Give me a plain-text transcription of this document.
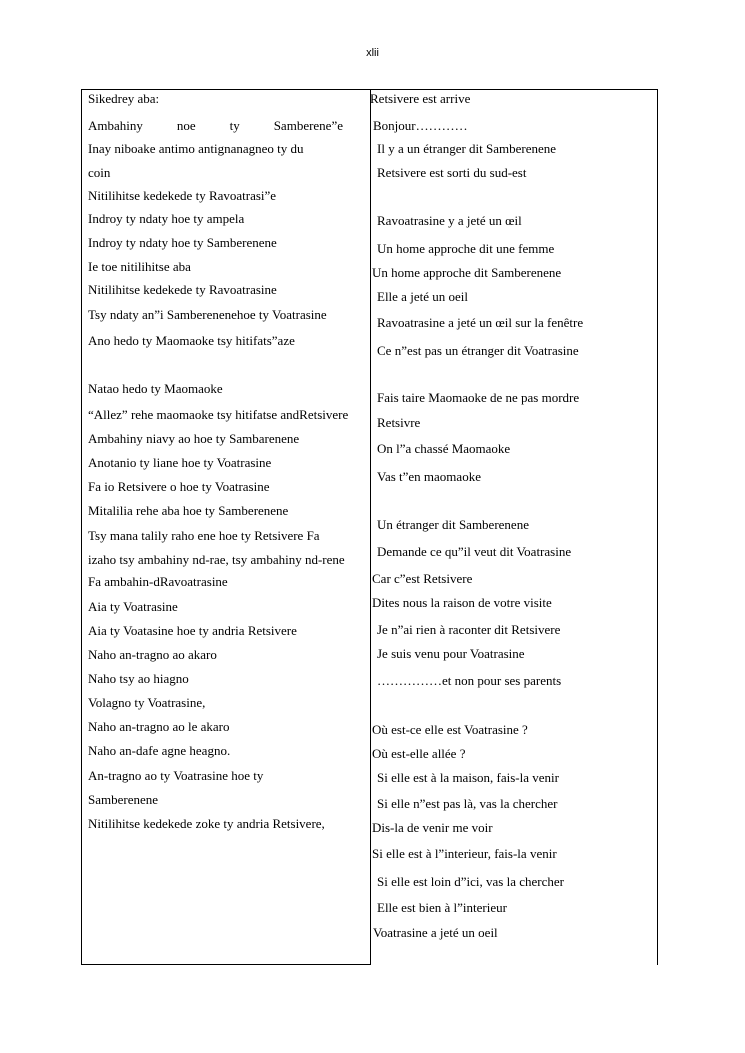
xlii
Sikedrey aba:
Ambahiny noe ty Samberene”e
Inay niboake antimo antignanagneo ty du
coin
Nitilihitse kedekede ty Ravoatrasi”e
Indroy ty ndaty hoe ty ampela
Indroy ty ndaty hoe ty Samberenene
Ie toe nitilihitse aba
Nitilihitse kedekede ty Ravoatrasine
Tsy ndaty an”i Samberenenehoe ty Voatrasine
Ano hedo ty Maomaoke tsy hitifats”aze
Natao hedo ty Maomaoke
“Allez” rehe maomaoke tsy hitifatse andRetsivere
Ambahiny niavy ao hoe ty Sambarenene
Anotanio ty liane hoe ty Voatrasine
Fa io Retsivere o hoe ty Voatrasine
Mitalilia rehe aba hoe ty Samberenene
Tsy mana talily raho ene hoe ty Retsivere Fa
izaho tsy ambahiny nd-rae, tsy ambahiny nd-rene
Fa ambahin-dRavoatrasine
Aia ty Voatrasine
Aia ty Voatasine hoe ty andria Retsivere
Naho an-tragno ao akaro
Naho tsy ao hiagno
Volagno ty Voatrasine,
Naho an-tragno ao le akaro
Naho an-dafe agne heagno.
An-tragno ao ty Voatrasine hoe ty
Samberenene
Nitilihitse kedekede zoke ty andria Retsivere,
Retsivere est arrive
Bonjour…………
Il y a un étranger dit Samberenene
Retsivere est sorti du sud-est
Ravoatrasine y a jeté un œil
Un home approche dit une femme
Un home approche dit Samberenene
Elle a jeté un oeil
Ravoatrasine a jeté un œil sur la fenêtre
Ce n”est pas un étranger dit Voatrasine
Fais taire Maomaoke de ne pas mordre
Retsivre
On l”a chassé Maomaoke
Vas t”en maomaoke
Un étranger dit Samberenene
Demande ce qu”il veut dit Voatrasine
Car c”est Retsivere
Dites nous la raison de votre visite
Je n”ai rien à raconter dit Retsivere
Je suis venu pour Voatrasine
……………et non pour ses parents
Où est-ce elle est Voatrasine ?
Où est-elle allée ?
Si elle est à la maison, fais-la venir
Si elle n”est pas là, vas la chercher
Dis-la de venir me voir
Si elle est à l”interieur, fais-la venir
Si elle est loin d”ici, vas la chercher
Elle est bien à l”interieur
Voatrasine a jeté un oeil
